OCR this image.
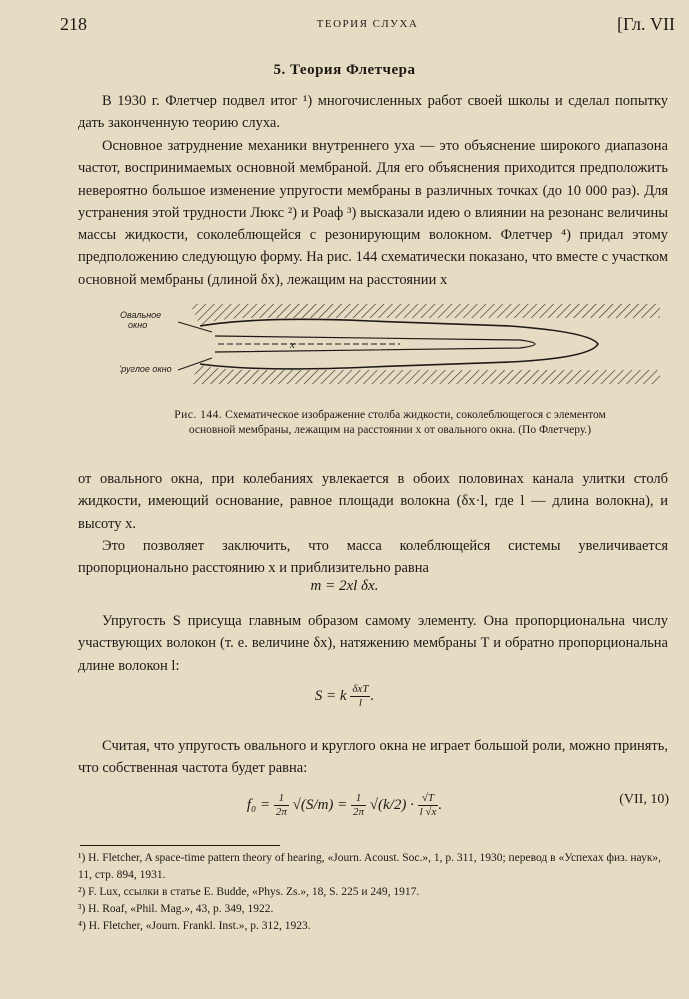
218	ТЕОРИЯ СЛУХА	[Гл. VII
5. Теория Флетчера

В 1930 г. Флетчер подвел итог ¹) многочисленных работ своей школы и сделал попытку дать законченную теорию слуха.

Основное затруднение механики внутреннего уха — это объяснение широкого диапазона частот, воспринимаемых основной мембраной. Для его объяснения приходится предположить невероятно большое изменение упругости мембраны в различных точках (до 10 000 раз). Для устранения этой трудности Люкс ²) и Роаф ³) высказали идею о влиянии на резонанс величины массы жидкости, соколеблющейся с резонирующим волокном. Флетчер ⁴) придал этому предположению следующую форму. На рис. 144 схематически показано, что вместе с участком основной мембраны (длиной δx), лежащим на расстоянии x

x
Овальное окно
Круглое окно

Рис. 144. Схематическое изображение столба жидкости, соколеблющегося с элементом основной мембраны, лежащим на расстоянии x от овального окна. (По Флетчеру.)

от овального окна, при колебаниях увлекается в обоих половинах канала улитки столб жидкости, имеющий основание, равное площади волокна (δx·l, где l — длина волокна), и высоту x.

Это позволяет заключить, что масса колеблющейся системы увеличивается пропорционально расстоянию x и приблизительно равна

m = 2xl δx.

Упругость S присуща главным образом самому элементу. Она пропорциональна числу участвующих волокон (т. е. величине δx), натяжению мембраны T и обратно пропорциональна длине волокон l:

S = k $\frac{\text{δxT}}{l}$ .

Считая, что упругость овального и круглого окна не играет большой роли, можно принять, что собственная частота будет равна:

$f_0 = \frac{1}{2\pi} √(S/m) = \frac{1}{2\pi} √(k/2) \cdot \frac{√T}{l √x}$ .	(VII, 10)
¹) H. Fletcher, A space-time pattern theory of hearing, «Journ. Acoust. Soc.», 1, p. 311, 1930; перевод в «Успехах физ. наук», 11, стр. 894, 1931.
²) F. Lux, ссылки в статье E. Budde, «Phys. Zs.», 18, S. 225 и 249, 1917.
³) H. Roaf, «Phil. Mag.», 43, p. 349, 1922.
⁴) H. Fletcher, «Journ. Frankl. Inst.», p. 312, 1923.
